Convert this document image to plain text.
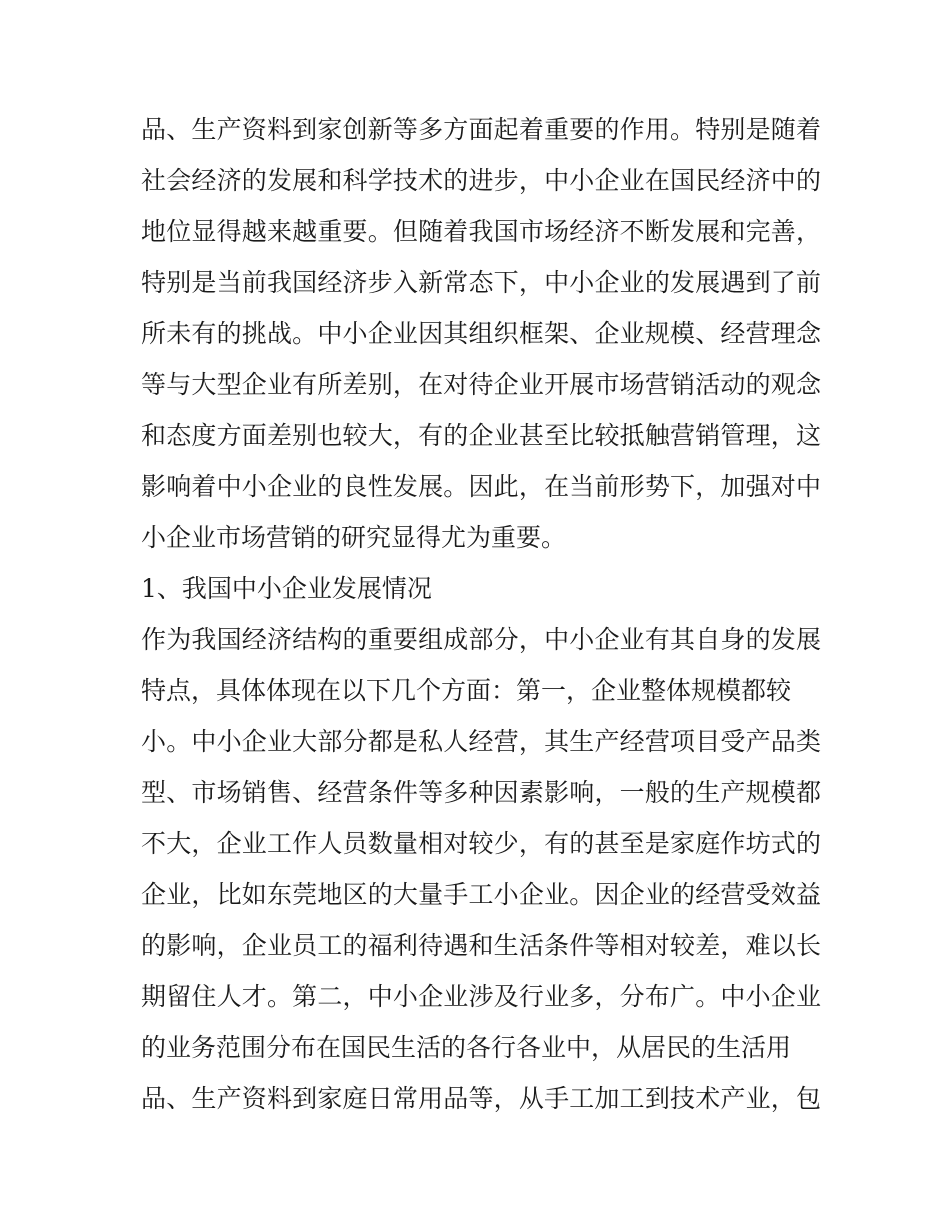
品、生产资料到家创新等多方面起着重要的作用。特别是随着
社会经济的发展和科学技术的进步，中小企业在国民经济中的
地位显得越来越重要。但随着我国市场经济不断发展和完善，
特别是当前我国经济步入新常态下，中小企业的发展遇到了前
所未有的挑战。中小企业因其组织框架、企业规模、经营理念
等与大型企业有所差别，在对待企业开展市场营销活动的观念
和态度方面差别也较大，有的企业甚至比较抵触营销管理，这
影响着中小企业的良性发展。因此，在当前形势下，加强对中
小企业市场营销的研究显得尤为重要。
1、我国中小企业发展情况
作为我国经济结构的重要组成部分，中小企业有其自身的发展
特点，具体体现在以下几个方面：第一，企业整体规模都较
小。中小企业大部分都是私人经营，其生产经营项目受产品类
型、市场销售、经营条件等多种因素影响，一般的生产规模都
不大，企业工作人员数量相对较少，有的甚至是家庭作坊式的
企业，比如东莞地区的大量手工小企业。因企业的经营受效益
的影响，企业员工的福利待遇和生活条件等相对较差，难以长
期留住人才。第二，中小企业涉及行业多，分布广。中小企业
的业务范围分布在国民生活的各行各业中，从居民的生活用
品、生产资料到家庭日常用品等，从手工加工到技术产业，包
